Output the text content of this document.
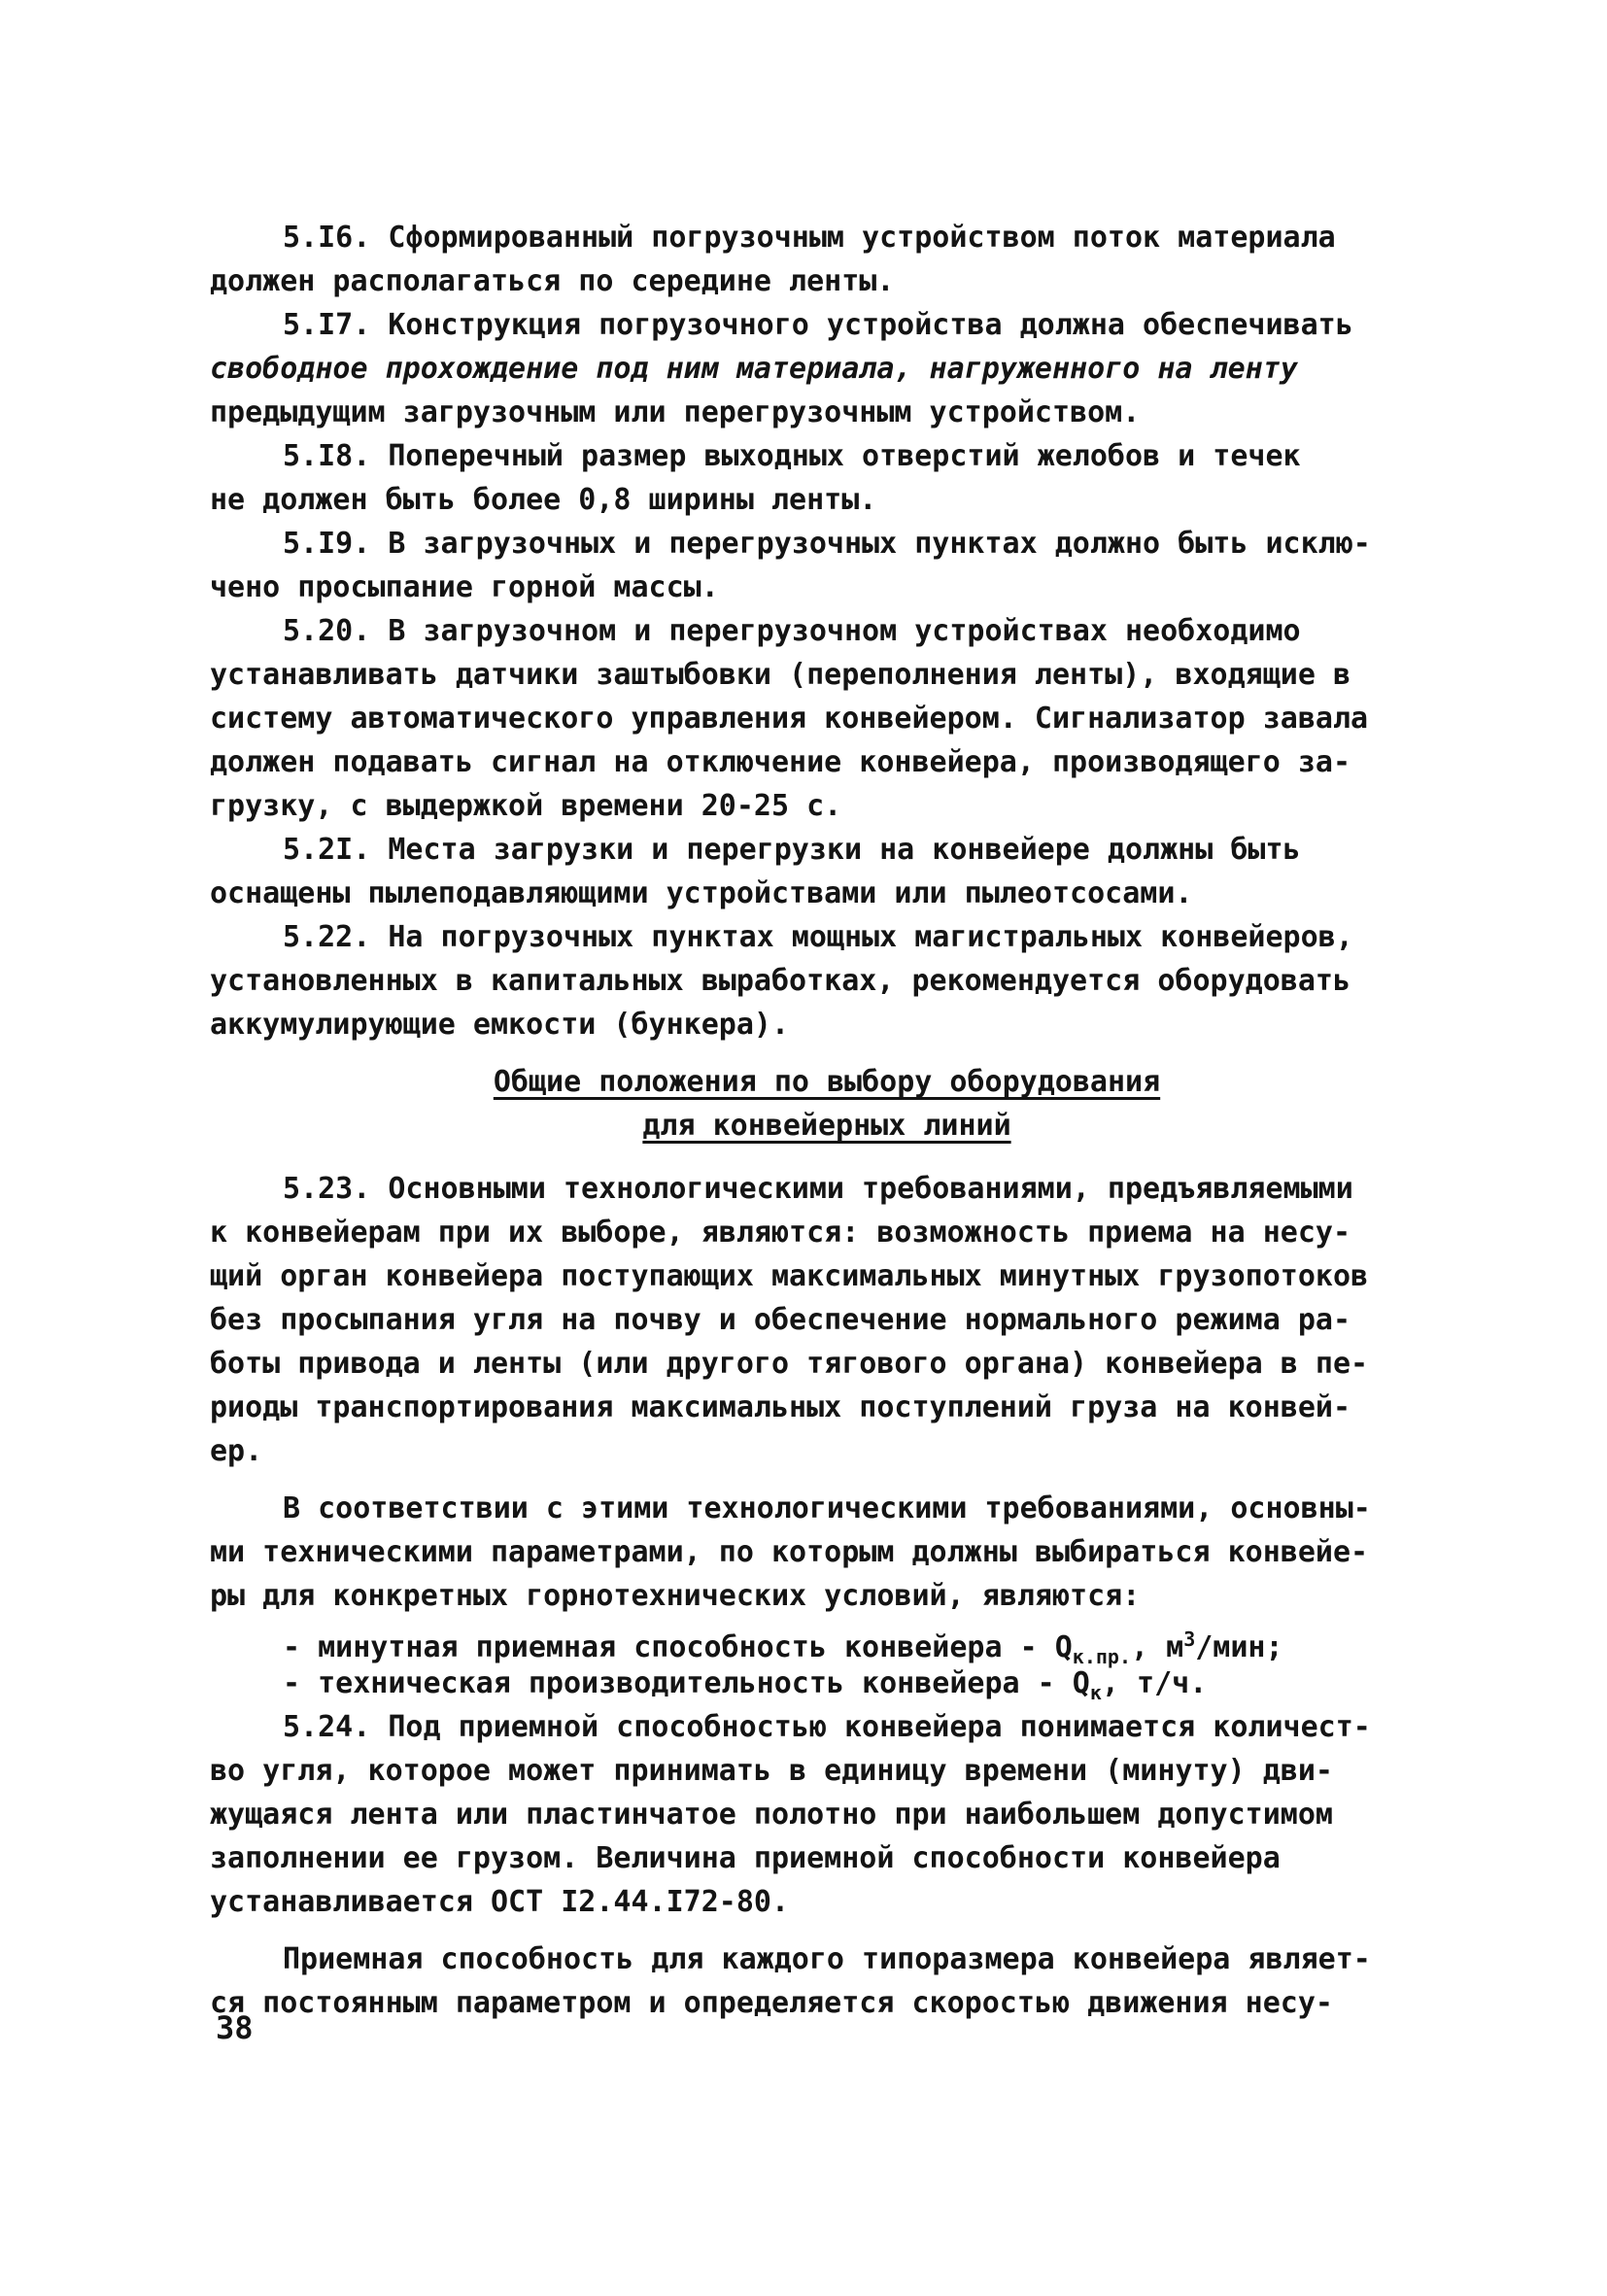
5.I6. Сформированный погрузочным устройством поток материала
должен располагаться по середине ленты.
5.I7. Конструкция погрузочного устройства должна обеспечивать
свободное прохождение под ним материала, нагруженного на ленту
предыдущим загрузочным или перегрузочным устройством.
5.I8. Поперечный размер выходных отверстий желобов и течек
не должен быть более 0,8 ширины ленты.
5.I9. В загрузочных и перегрузочных пунктах должно быть исклю-
чено просыпание горной массы.
5.20. В загрузочном и перегрузочном устройствах необходимо
устанавливать датчики заштыбовки (переполнения ленты), входящие в
систему автоматического управления конвейером. Сигнализатор завала
должен подавать сигнал на отключение конвейера, производящего за-
грузку, с выдержкой времени 20-25 с.
5.2I. Места загрузки и перегрузки на конвейере должны быть
оснащены пылеподавляющими устройствами или пылеотсосами.
5.22. На погрузочных пунктах мощных магистральных конвейеров,
установленных в капитальных выработках, рекомендуется оборудовать
аккумулирующие емкости (бункера).
Общие положения по выбору оборудования
для конвейерных линий
5.23. Основными технологическими требованиями, предъявляемыми
к конвейерам при их выборе, являются: возможность приема на несу-
щий орган конвейера поступающих максимальных минутных грузопотоков
без просыпания угля на почву и обеспечение нормального режима ра-
боты привода и ленты (или другого тягового органа) конвейера в пе-
риоды транспортирования максимальных поступлений груза на конвей-
ер.
В соответствии с этими технологическими требованиями, основны-
ми техническими параметрами, по которым должны выбираться конвейе-
ры для конкретных горнотехнических условий, являются:
- минутная приемная способность конвейера - $Q_{к.пр.}$, $м^3$/мин;
- техническая производительность конвейера - $Q_к$, т/ч.
5.24. Под приемной способностью конвейера понимается количест-
во угля, которое может принимать в единицу времени (минуту) дви-
жущаяся лента или пластинчатое полотно при наибольшем допустимом
заполнении ее грузом. Величина приемной способности конвейера
устанавливается ОСТ I2.44.I72-80.
Приемная способность для каждого типоразмера конвейера являет-
ся постоянным параметром и определяется скоростью движения несу-
38
